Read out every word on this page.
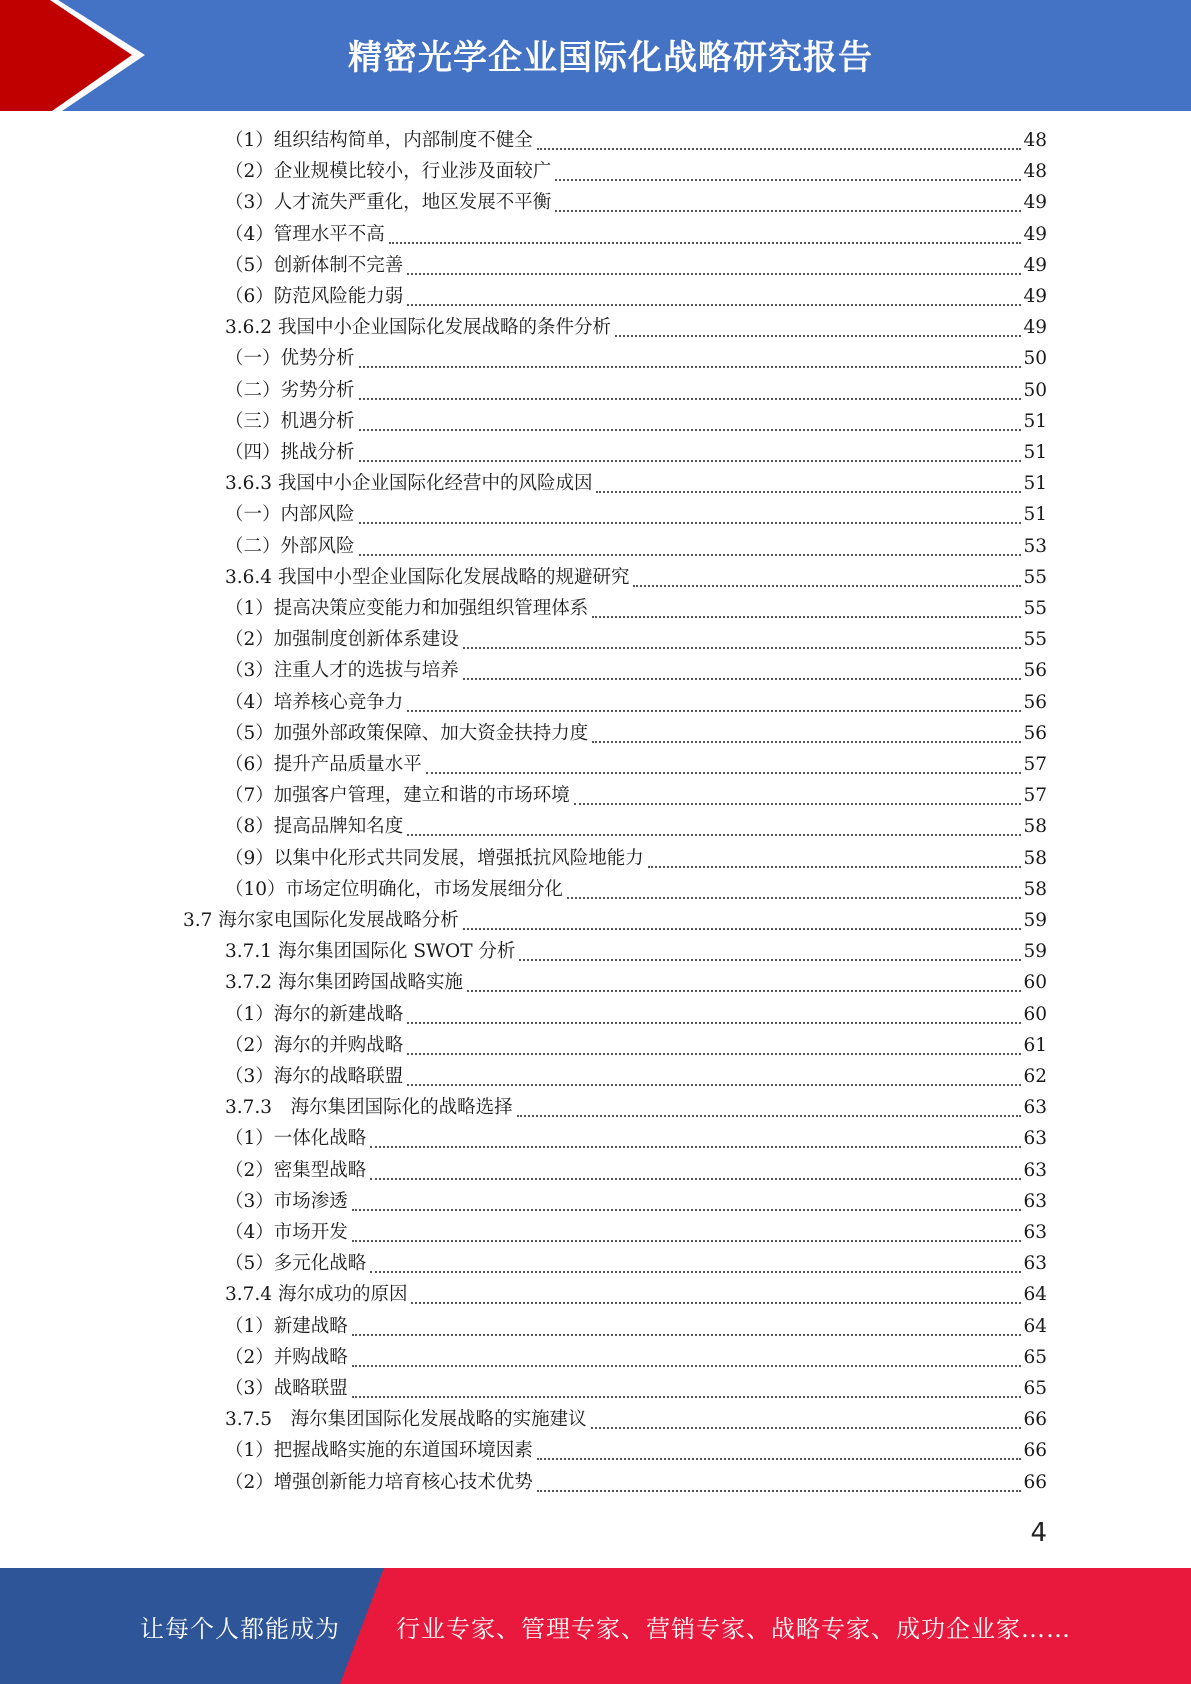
精密光学企业国际化战略研究报告
（1）组织结构简单，内部制度不健全	48
（2）企业规模比较小，行业涉及面较广	48
（3）人才流失严重化，地区发展不平衡	49
（4）管理水平不高	49
（5）创新体制不完善	49
（6）防范风险能力弱	49
3.6.2 我国中小企业国际化发展战略的条件分析	49
（一）优势分析	50
（二）劣势分析	50
（三）机遇分析	51
（四）挑战分析	51
3.6.3 我国中小企业国际化经营中的风险成因	51
（一）内部风险	51
（二）外部风险	53
3.6.4 我国中小型企业国际化发展战略的规避研究	55
（1）提高决策应变能力和加强组织管理体系	55
（2）加强制度创新体系建设	55
（3）注重人才的选拔与培养	56
（4）培养核心竞争力	56
（5）加强外部政策保障、加大资金扶持力度	56
（6）提升产品质量水平	57
（7）加强客户管理，建立和谐的市场环境	57
（8）提高品牌知名度	58
（9）以集中化形式共同发展，增强抵抗风险地能力	58
（10）市场定位明确化，市场发展细分化	58
3.7 海尔家电国际化发展战略分析	59
3.7.1 海尔集团国际化 SWOT 分析	59
3.7.2 海尔集团跨国战略实施	60
（1）海尔的新建战略	60
（2）海尔的并购战略	61
（3）海尔的战略联盟	62
3.7.3　海尔集团国际化的战略选择	63
（1）一体化战略	63
（2）密集型战略	63
（3）市场渗透	63
（4）市场开发	63
（5）多元化战略	63
3.7.4 海尔成功的原因	64
（1）新建战略	64
（2）并购战略	65
（3）战略联盟	65
3.7.5　海尔集团国际化发展战略的实施建议	66
（1）把握战略实施的东道国环境因素	66
（2）增强创新能力培育核心技术优势	66
4
让每个人都能成为 行业专家、管理专家、营销专家、战略专家、成功企业家……
